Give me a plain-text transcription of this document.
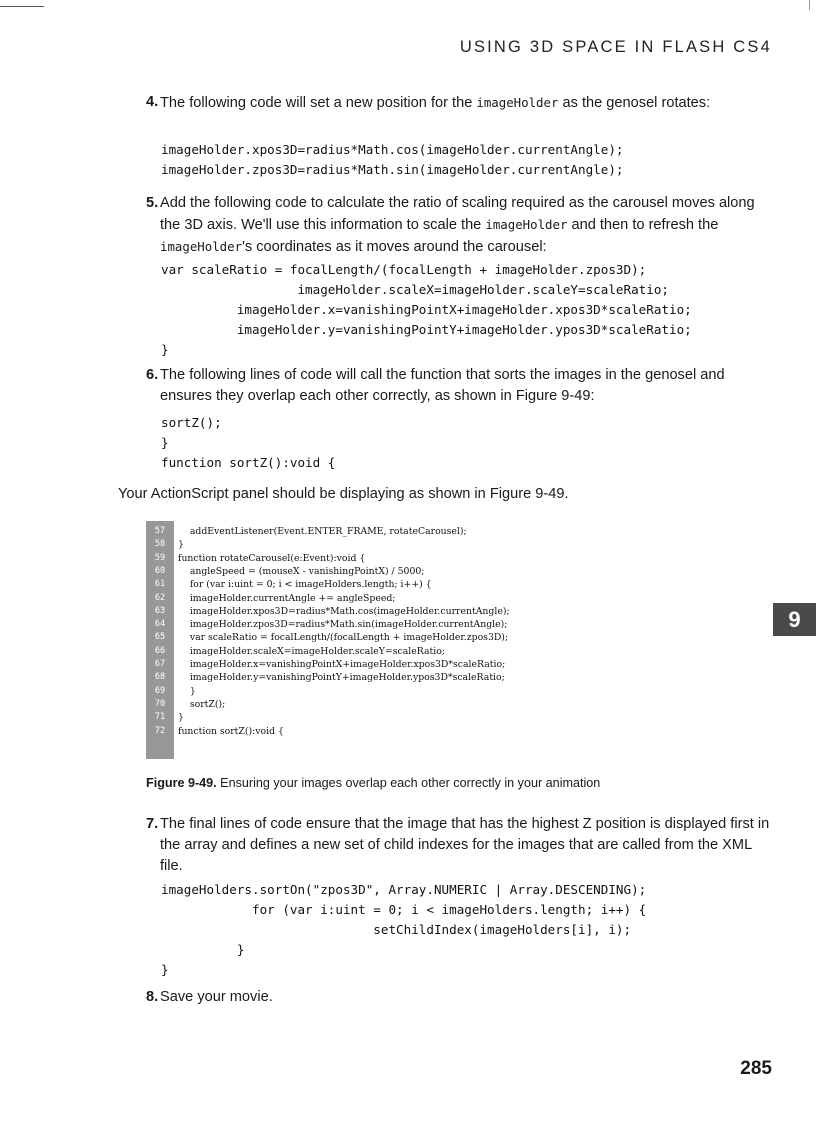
USING 3D SPACE IN FLASH CS4
4. The following code will set a new position for the imageHolder as the genosel rotates:

imageHolder.xpos3D=radius*Math.cos(imageHolder.currentAngle);
imageHolder.zpos3D=radius*Math.sin(imageHolder.currentAngle);
5. Add the following code to calculate the ratio of scaling required as the carousel moves along the 3D axis. We'll use this information to scale the imageHolder and then to refresh the imageHolder's coordinates as it moves around the carousel:

var scaleRatio = focalLength/(focalLength + imageHolder.zpos3D);
imageHolder.scaleX=imageHolder.scaleY=scaleRatio;
imageHolder.x=vanishingPointX+imageHolder.xpos3D*scaleRatio;
imageHolder.y=vanishingPointY+imageHolder.ypos3D*scaleRatio;
}
6. The following lines of code will call the function that sorts the images in the genosel and ensures they overlap each other correctly, as shown in Figure 9-49:

sortZ();
}
function sortZ():void {

Your ActionScript panel should be displaying as shown in Figure 9-49.

57	addEventListener(Event.ENTER_FRAME, rotateCarousel);
58	}
59	function rotateCarousel(e:Event):void {
60	angleSpeed = (mouseX - vanishingPointX) / 5000;
61	for (var i:uint = 0; i < imageHolders.length; i++) {
62	imageHolder.currentAngle += angleSpeed;
63	imageHolder.xpos3D=radius*Math.cos(imageHolder.currentAngle);
64	imageHolder.zpos3D=radius*Math.sin(imageHolder.currentAngle);
65	var scaleRatio = focalLength/(focalLength + imageHolder.zpos3D);
66	imageHolder.scaleX=imageHolder.scaleY=scaleRatio;
67	imageHolder.x=vanishingPointX+imageHolder.xpos3D*scaleRatio;
68	imageHolder.y=vanishingPointY+imageHolder.ypos3D*scaleRatio;
69	}
70	sortZ();
71	}
72	function sortZ():void {

Figure 9-49. Ensuring your images overlap each other correctly in your animation

7. The final lines of code ensure that the image that has the highest Z position is displayed first in the array and defines a new set of child indexes for the images that are called from the XML file.

imageHolders.sortOn("zpos3D", Array.NUMERIC | Array.DESCENDING);
for (var i:uint = 0; i < imageHolders.length; i++) {
setChildIndex(imageHolders[i], i);
}
}
8. Save your movie.

9
285
